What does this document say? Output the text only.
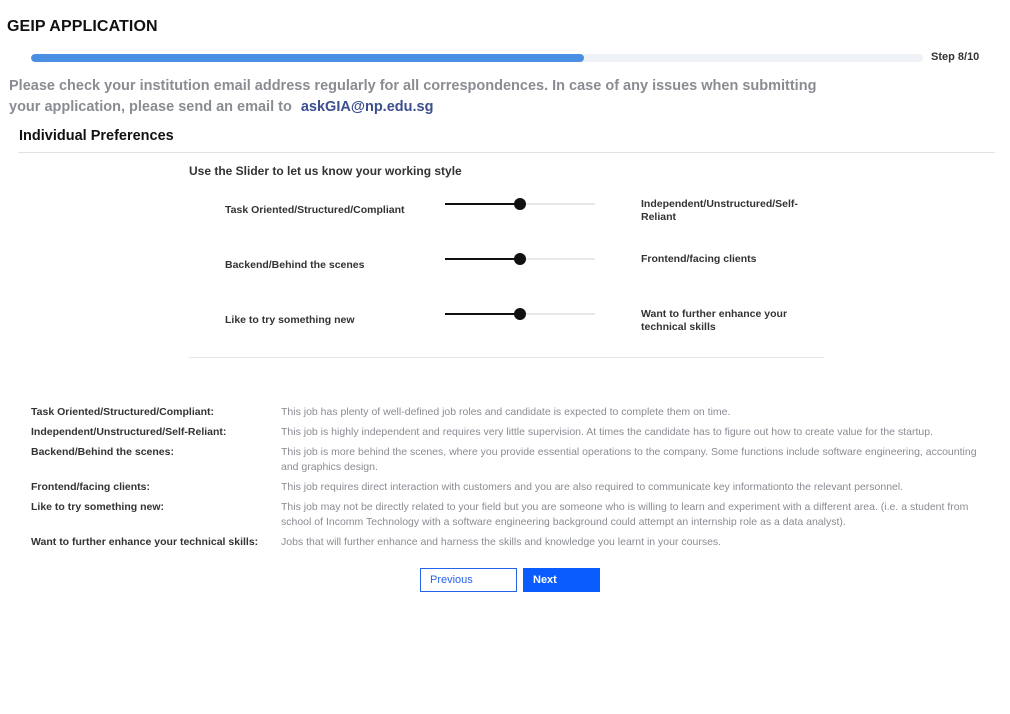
GEIP APPLICATION
Step 8/10
Please check your institution email address regularly for all correspondences. In case of any issues when submitting your application, please send an email to askGIA@np.edu.sg
Individual Preferences
Use the Slider to let us know your working style
Task Oriented/Structured/Compliant	Independent/Unstructured/Self-Reliant
Backend/Behind the scenes	Frontend/facing clients
Like to try something new	Want to further enhance your technical skills
Task Oriented/Structured/Compliant:	This job has plenty of well-defined job roles and candidate is expected to complete them on time.
Independent/Unstructured/Self-Reliant:	This job is highly independent and requires very little supervision. At times the candidate has to figure out how to create value for the startup.
Backend/Behind the scenes:	This job is more behind the scenes, where you provide essential operations to the company. Some functions include software engineering, accounting and graphics design.
Frontend/facing clients:	This job requires direct interaction with customers and you are also required to communicate key informationto the relevant personnel.
Like to try something new:	This job may not be directly related to your field but you are someone who is willing to learn and experiment with a different area. (i.e. a student from school of Incomm Technology with a software engineering background could attempt an internship role as a data analyst).
Want to further enhance your technical skills:	Jobs that will further enhance and harness the skills and knowledge you learnt in your courses.
Previous	Next
